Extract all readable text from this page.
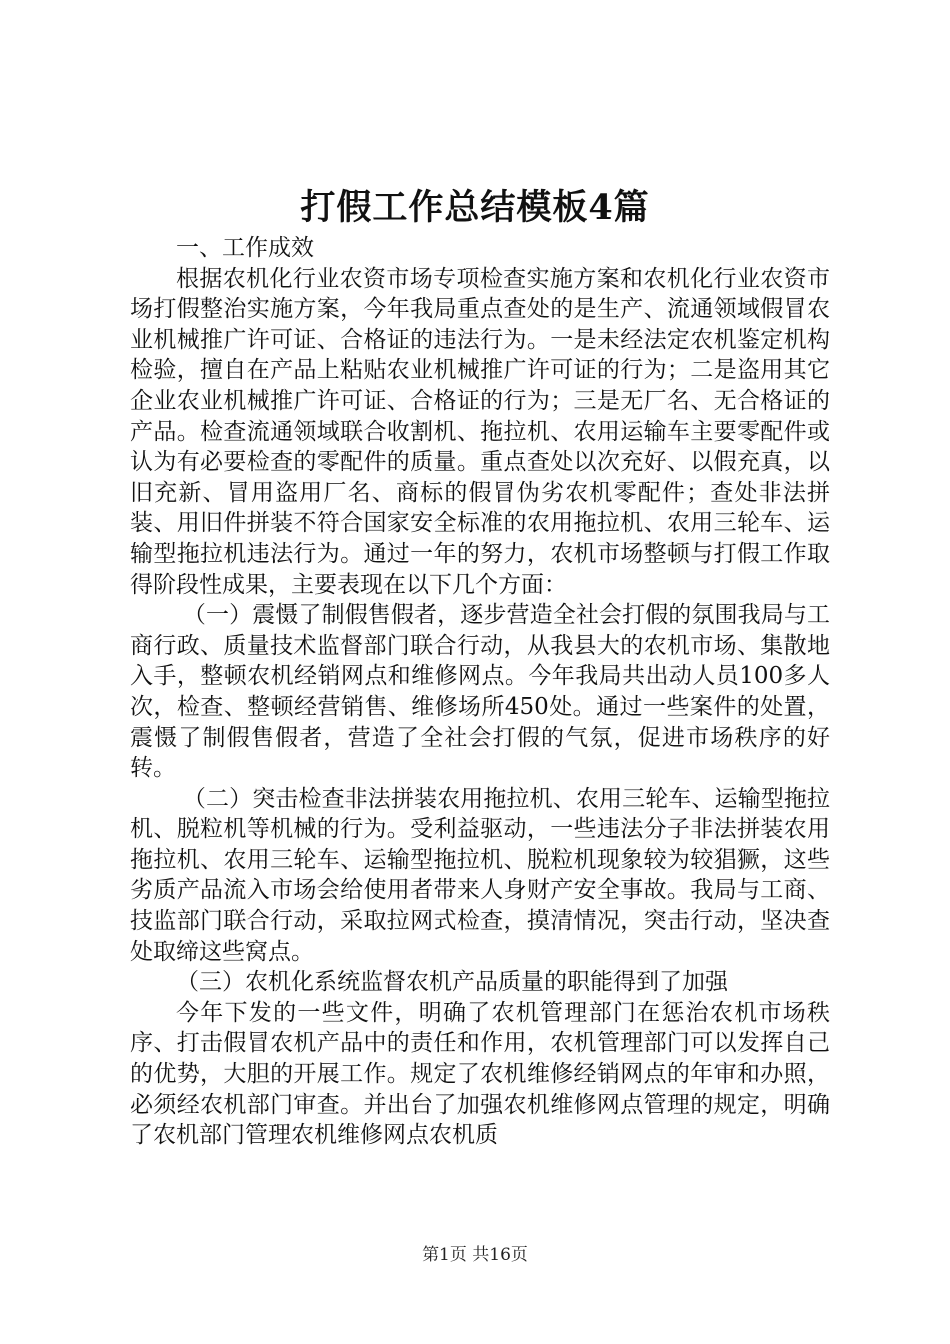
打假工作总结模板4篇

一、工作成效

根据农机化行业农资市场专项检查实施方案和农机化行业农资市场打假整治实施方案，今年我局重点查处的是生产、流通领域假冒农业机械推广许可证、合格证的违法行为。一是未经法定农机鉴定机构检验，擅自在产品上粘贴农业机械推广许可证的行为；二是盗用其它企业农业机械推广许可证、合格证的行为；三是无厂名、无合格证的产品。检查流通领域联合收割机、拖拉机、农用运输车主要零配件或认为有必要检查的零配件的质量。重点查处以次充好、以假充真，以旧充新、冒用盗用厂名、商标的假冒伪劣农机零配件；查处非法拼装、用旧件拼装不符合国家安全标准的农用拖拉机、农用三轮车、运输型拖拉机违法行为。通过一年的努力，农机市场整顿与打假工作取得阶段性成果，主要表现在以下几个方面：

（一）震慑了制假售假者，逐步营造全社会打假的氛围我局与工商行政、质量技术监督部门联合行动，从我县大的农机市场、集散地入手，整顿农机经销网点和维修网点。今年我局共出动人员100多人次，检查、整顿经营销售、维修场所450处。通过一些案件的处置，震慑了制假售假者，营造了全社会打假的气氛，促进市场秩序的好转。

（二）突击检查非法拼装农用拖拉机、农用三轮车、运输型拖拉机、脱粒机等机械的行为。受利益驱动，一些违法分子非法拼装农用拖拉机、农用三轮车、运输型拖拉机、脱粒机现象较为较猖獗，这些劣质产品流入市场会给使用者带来人身财产安全事故。我局与工商、技监部门联合行动，采取拉网式检查，摸清情况，突击行动，坚决查处取缔这些窝点。

（三）农机化系统监督农机产品质量的职能得到了加强

今年下发的一些文件，明确了农机管理部门在惩治农机市场秩序、打击假冒农机产品中的责任和作用，农机管理部门可以发挥自己的优势，大胆的开展工作。规定了农机维修经销网点的年审和办照，必须经农机部门审查。并出台了加强农机维修网点管理的规定，明确了农机部门管理农机维修网点农机质

第1页 共16页
